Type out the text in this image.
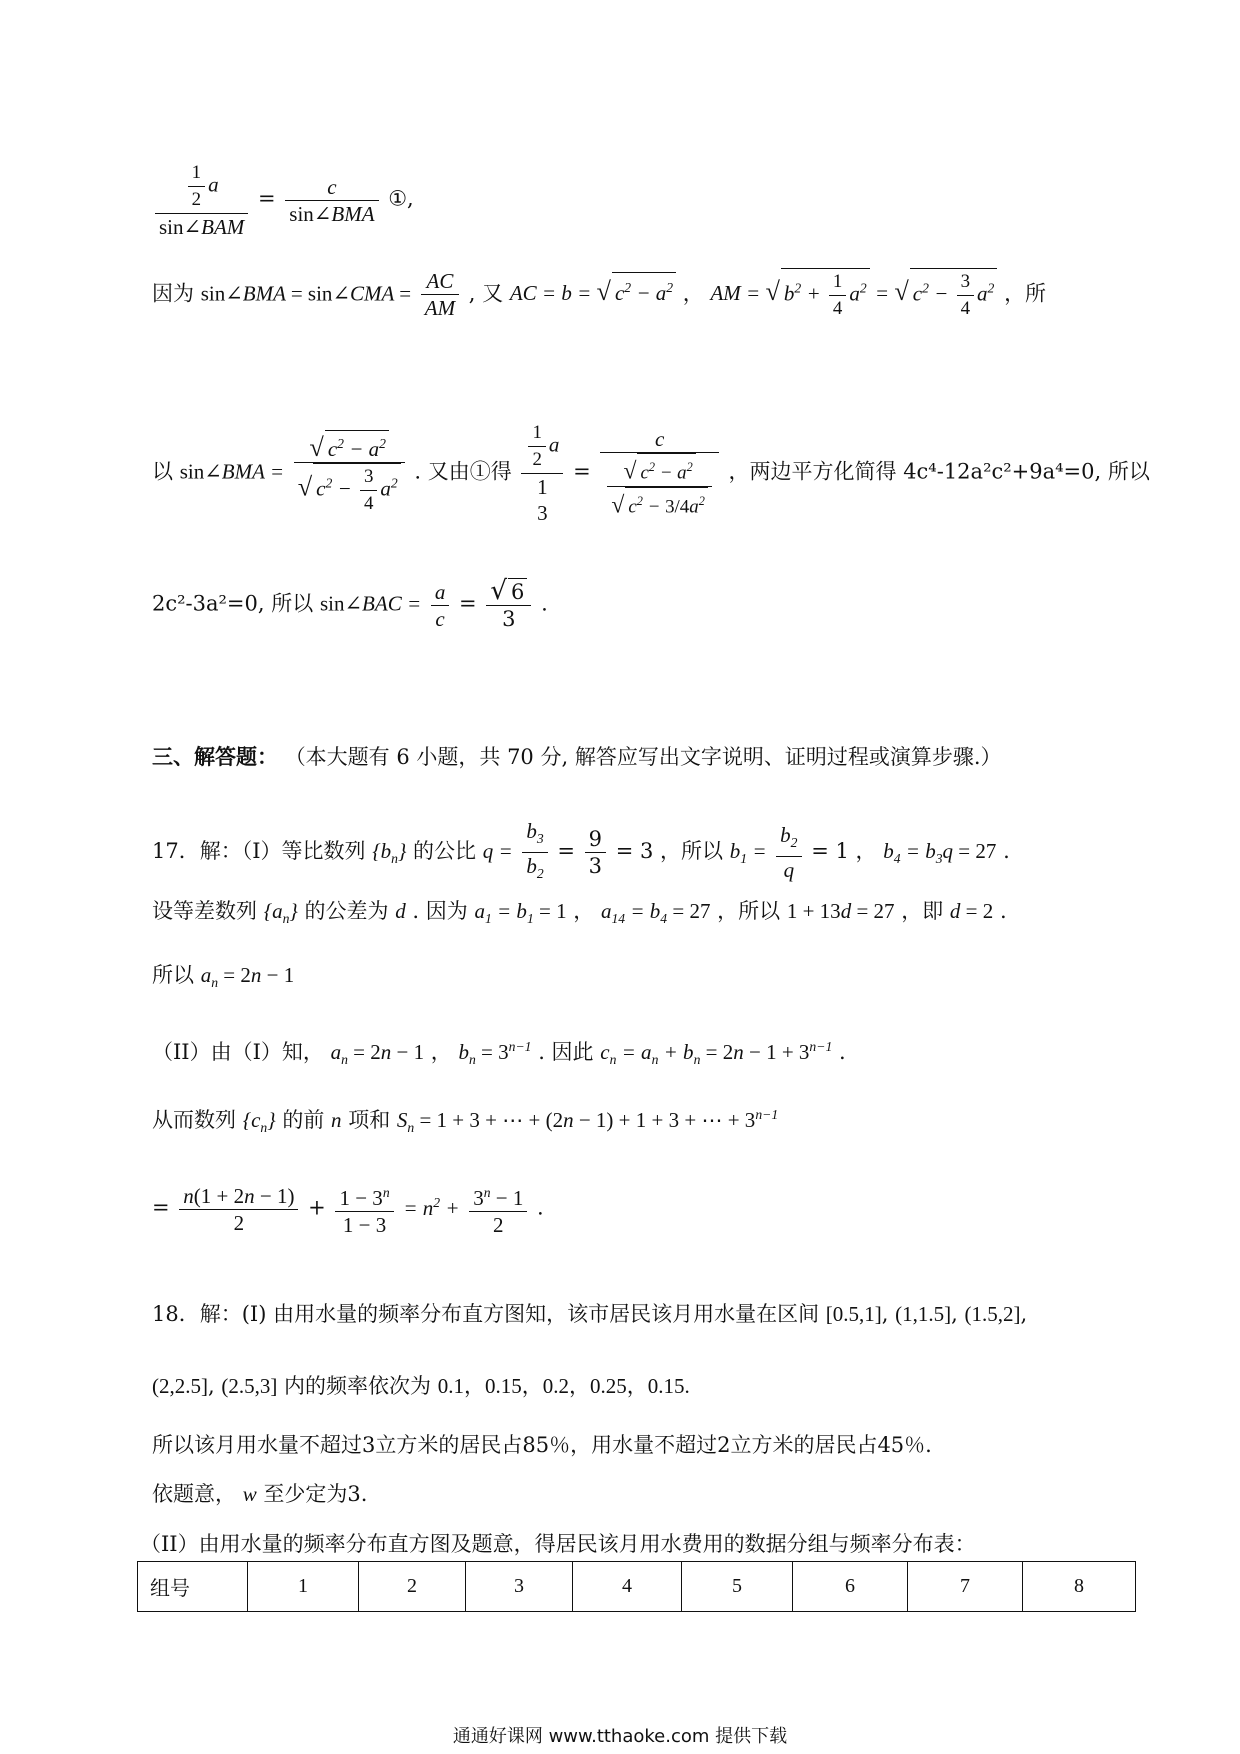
$\frac{\frac{1}{2} a}{\text{sin∠BAM}} = \frac{c}{\text{sin∠BMA}}$ ①,
因为 sin∠BMA = sin∠CMA = $\frac{AC}{AM}$ , 又 AC = b = √ $c^2 - a^2$ ， AM = √ $b^2 + \frac{1}{4} a^2$ = √ $c^2 - \frac{3}{4} a^2$ ，所
以 sin∠BMA = $\frac{√ c^2 - a^2}{√ c^2 - \frac{3}{4} a^2}$ . 又由①得 $\frac{1}{2}$ a
1
3
= $\frac{c}{\frac{√ c^2 - a^2}{√ c^2 - 3/4a^2}}$ ，两边平方化简得 4c⁴-12a²c²+9a⁴=0, 所以
2c²-3a²=0, 所以 sin∠BAC = $\frac{a}{c} = \frac{√ 6}{3}$ .
三、解答题： （本大题有 6 小题，共 70 分, 解答应写出文字说明、证明过程或演算步骤.）
17．解：（I）等比数列 $\{b_n\}$ 的公比 $q = \frac{b_3}{b_2} = \frac{9}{3} = 3$ ，所以 $b_1 = \frac{b_2}{q} = 1$ ， $b_4 = b_3q = 27$ .
设等差数列 $\{a_n\}$ 的公差为 d . 因为 $a_1 = b_1 = 1$ ， $a_{14} = b_4 = 27$ ，所以 1 + 13d = 27 ，即 d = 2 .
所以 $a_n = 2n - 1$
（II）由（I）知， $a_n = 2n - 1$ ， $b_n = 3^{n-1}$ . 因此 $c_n = a_n + b_n = 2n - 1 + 3^{n-1}$ .
从而数列 $\{c_n\}$ 的前 n 项和 $S_n = 1 + 3$ + ⋯ + (2n − 1) + 1 + 3 + ⋯ + $3^{n-1}$
= $\frac{n(1 + 2n - 1)}{2} + \frac{1 - 3^n}{1 - 3} = n^2 + \frac{3^n - 1}{2}$ .
18．解：(I) 由用水量的频率分布直方图知，该市居民该月用水量在区间 [0.5,1], (1,1.5], (1.5,2],
(2,2.5], (2.5,3] 内的频率依次为 0.1，0.15，0.2，0.25，0.15.
所以该月用水量不超过3立方米的居民占85％，用水量不超过2立方米的居民占45％.
依题意， w 至少定为3.
（II）由用水量的频率分布直方图及题意，得居民该月用水费用的数据分组与频率分布表：
组号	1	2	3	4	5	6	7	8
通通好课网 www.tthaoke.com 提供下载
